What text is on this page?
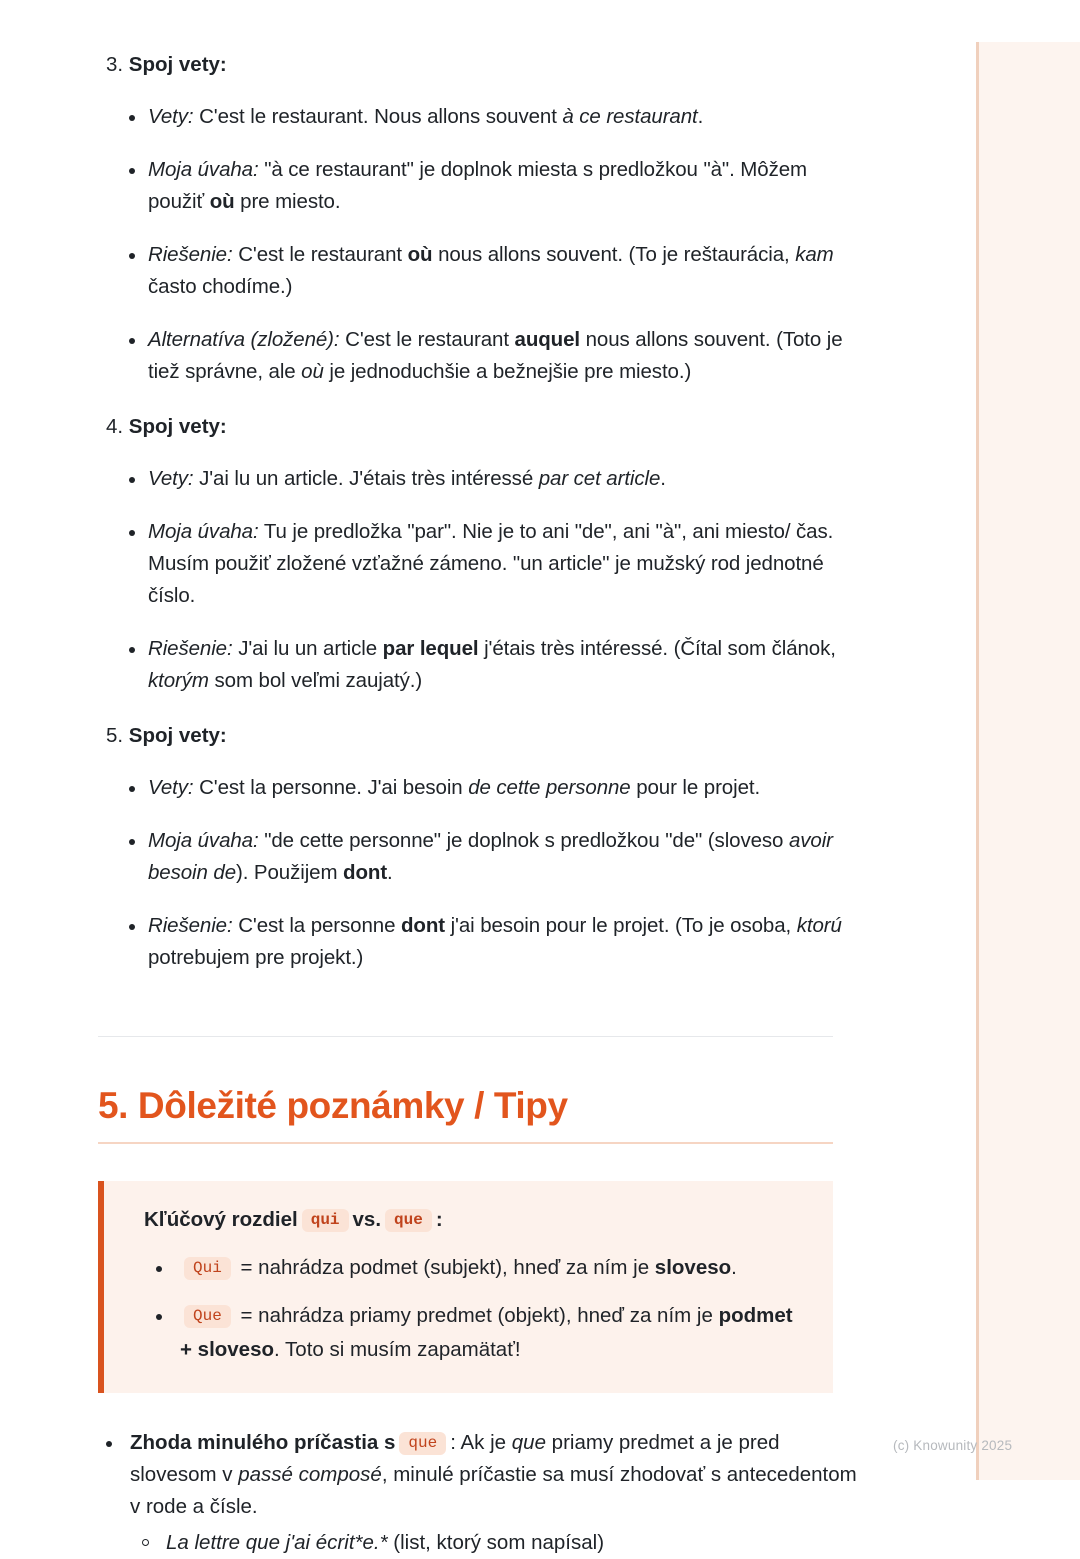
3. Spoj vety:
Vety: C'est le restaurant. Nous allons souvent à ce restaurant.
Moja úvaha: "à ce restaurant" je doplnok miesta s predložkou "à". Môžem použiť où pre miesto.
Riešenie: C'est le restaurant où nous allons souvent. (To je reštaurácia, kam často chodíme.)
Alternatíva (zložené): C'est le restaurant auquel nous allons souvent. (Toto je tiež správne, ale où je jednoduchšie a bežnejšie pre miesto.)
4. Spoj vety:
Vety: J'ai lu un article. J'étais très intéressé par cet article.
Moja úvaha: Tu je predložka "par". Nie je to ani "de", ani "à", ani miesto/ čas. Musím použiť zložené vzťažné zámeno. "un article" je mužský rod jednotné číslo.
Riešenie: J'ai lu un article par lequel j'étais très intéressé. (Čítal som článok, ktorým som bol veľmi zaujatý.)
5. Spoj vety:
Vety: C'est la personne. J'ai besoin de cette personne pour le projet.
Moja úvaha: "de cette personne" je doplnok s predložkou "de" (sloveso avoir besoin de). Použijem dont.
Riešenie: C'est la personne dont j'ai besoin pour le projet. (To je osoba, ktorú potrebujem pre projekt.)
5. Dôležité poznámky / Tipy
Kľúčový rozdiel qui vs. que :
Qui = nahrádza podmet (subjekt), hneď za ním je sloveso.
Que = nahrádza priamy predmet (objekt), hneď za ním je podmet + sloveso. Toto si musím zapamätať!
Zhoda minulého príčastia s que : Ak je que priamy predmet a je pred slovesom v passé composé, minulé príčastie sa musí zhodovať s antecedentom v rode a čísle.
La lettre que j'ai écrit*e.* (list, ktorý som napísal)
(c) Knowunity 2025
